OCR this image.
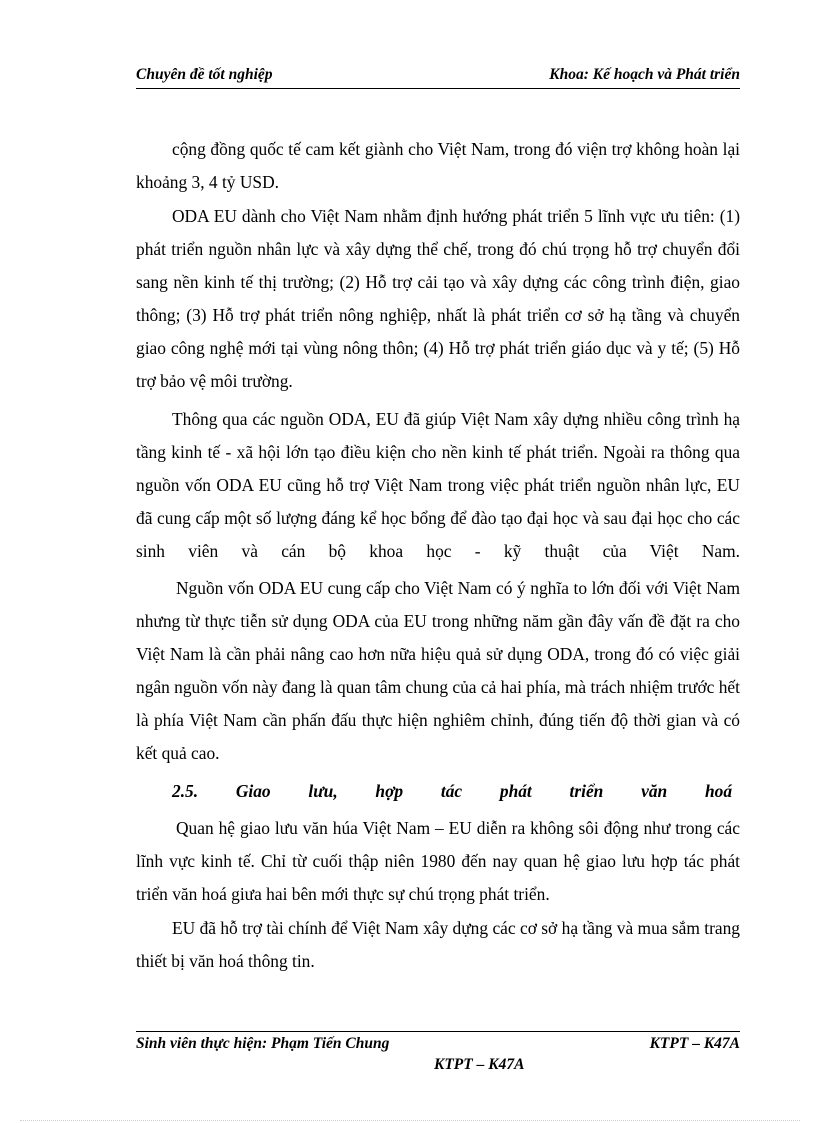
Chuyên đề tốt nghiệp	Khoa: Kế hoạch và Phát triển

cộng đồng quốc tế cam kết giành cho Việt Nam, trong đó viện trợ không hoàn lại khoảng 3, 4 tỷ USD.

ODA EU dành cho Việt Nam nhằm định hướng phát triển 5 lĩnh vực ưu tiên: (1) phát triển nguồn nhân lực và xây dựng thể chế, trong đó chú trọng hỗ trợ chuyển đổi sang nền kinh tế thị trường; (2) Hỗ trợ cải tạo và xây dựng các công trình điện, giao thông; (3) Hỗ trợ phát triển nông nghiệp, nhất là phát triển cơ sở hạ tầng và chuyển giao công nghệ mới tại vùng nông thôn; (4) Hỗ trợ phát triển giáo dục và y tế; (5) Hỗ trợ bảo vệ môi trường.

Thông qua các nguồn ODA, EU đã giúp Việt Nam xây dựng nhiều công trình hạ tầng kinh tế - xã hội lớn tạo điều kiện cho nền kinh tế phát triển. Ngoài ra thông qua nguồn vốn ODA EU cũng hỗ trợ Việt Nam trong việc phát triển nguồn nhân lực, EU đã cung cấp một số lượng đáng kể học bổng để đào tạo đại học và sau đại học cho các sinh viên và cán bộ khoa học - kỹ thuật của Việt Nam.

Nguồn vốn ODA EU cung cấp cho Việt Nam có ý nghĩa to lớn đối với Việt Nam nhưng từ thực tiễn sử dụng ODA của EU trong những năm gần đây vấn đề đặt ra cho Việt Nam là cần phải nâng cao hơn nữa hiệu quả sử dụng ODA, trong đó có việc giải ngân nguồn vốn này đang là quan tâm chung của cả hai phía, mà trách nhiệm trước hết là phía Việt Nam cần phấn đấu thực hiện nghiêm chỉnh, đúng tiến độ thời gian và có kết quả cao.

2.5. Giao lưu, hợp tác phát triển văn hoá

Quan hệ giao lưu văn húa Việt Nam – EU diễn ra không sôi động như trong các lĩnh vực kinh tế. Chỉ từ cuối thập niên 1980 đến nay quan hệ giao lưu hợp tác phát triển văn hoá giưa hai bên mới thực sự chú trọng phát triển.

EU đã hỗ trợ tài chính để Việt Nam xây dựng các cơ sở hạ tầng và mua sắm trang thiết bị văn hoá thông tin.

Sinh viên thực hiện: Phạm Tiến Chung	KTPT – K47A
KTPT – K47A
